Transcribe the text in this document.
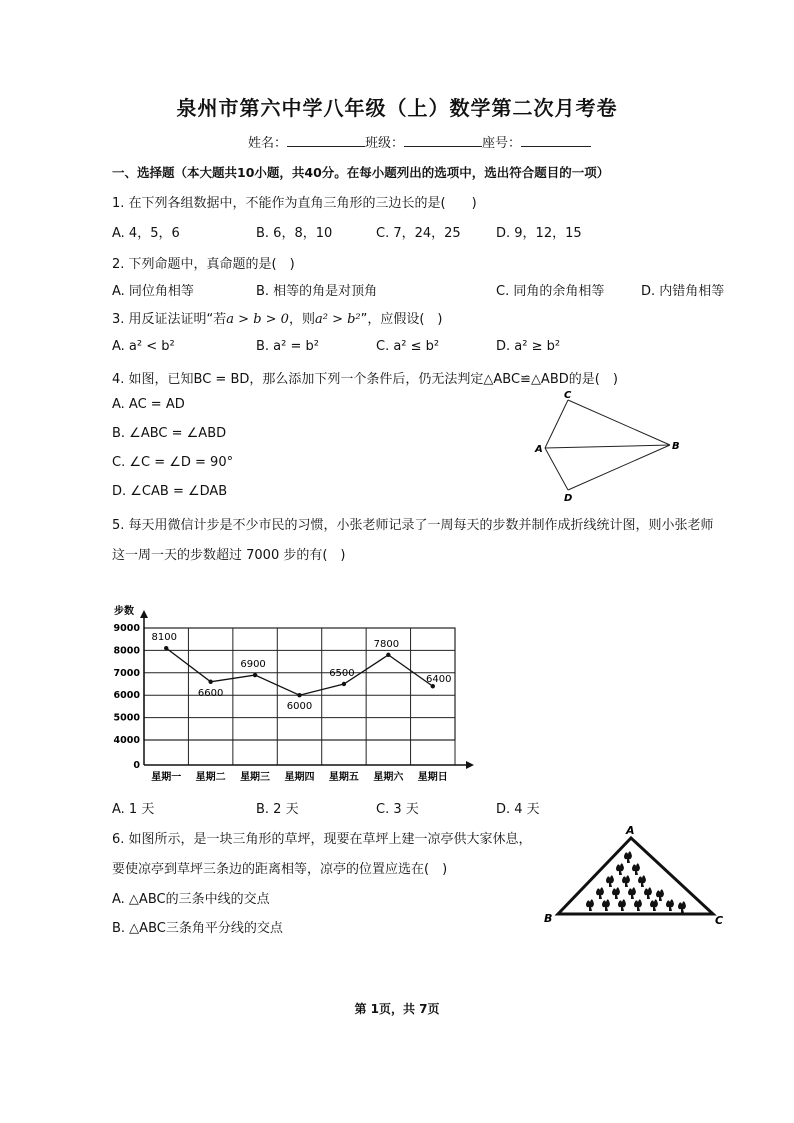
泉州市第六中学八年级（上）数学第二次月考卷
姓名：	班级：	座号：
一、选择题（本大题共10小题，共40分。在每小题列出的选项中，选出符合题目的一项）
1. 在下列各组数据中，不能作为直角三角形的三边长的是(　　)
A. 4，5，6	B. 6，8，10	C. 7，24，25	D. 9，12，15
2. 下列命题中，真命题的是(　)
A. 同位角相等	B. 相等的角是对顶角	C. 同角的余角相等	D. 内错角相等
3. 用反证法证明“若a > b > 0，则a² > b²”，应假设(　)
A. a² < b²	B. a² = b²	C. a² ≤ b²	D. a² ≥ b²
4. 如图，已知BC = BD，那么添加下列一个条件后，仍无法判定△ABC≌△ABD的是(　)
A. AC = AD
B. ∠ABC = ∠ABD
C. ∠C = ∠D = 90°
D. ∠CAB = ∠DAB
C
A	B
D
5. 每天用微信计步是不少市民的习惯，小张老师记录了一周每天的步数并制作成折线统计图，则小张老师
这一周一天的步数超过 7000 步的有(　)
步数
0
4000
5000
6000
7000
8000
9000
星期一 星期二 星期三 星期四 星期五 星期六 星期日
8100
6600
6900
6000
6500
7800
6400
A. 1 天	B. 2 天	C. 3 天	D. 4 天
6. 如图所示，是一块三角形的草坪，现要在草坪上建一凉亭供大家休息，
要使凉亭到草坪三条边的距离相等，凉亭的位置应选在(　)
A. △ABC的三条中线的交点
B. △ABC三条角平分线的交点
A
B	C
第 1页，共 7页
